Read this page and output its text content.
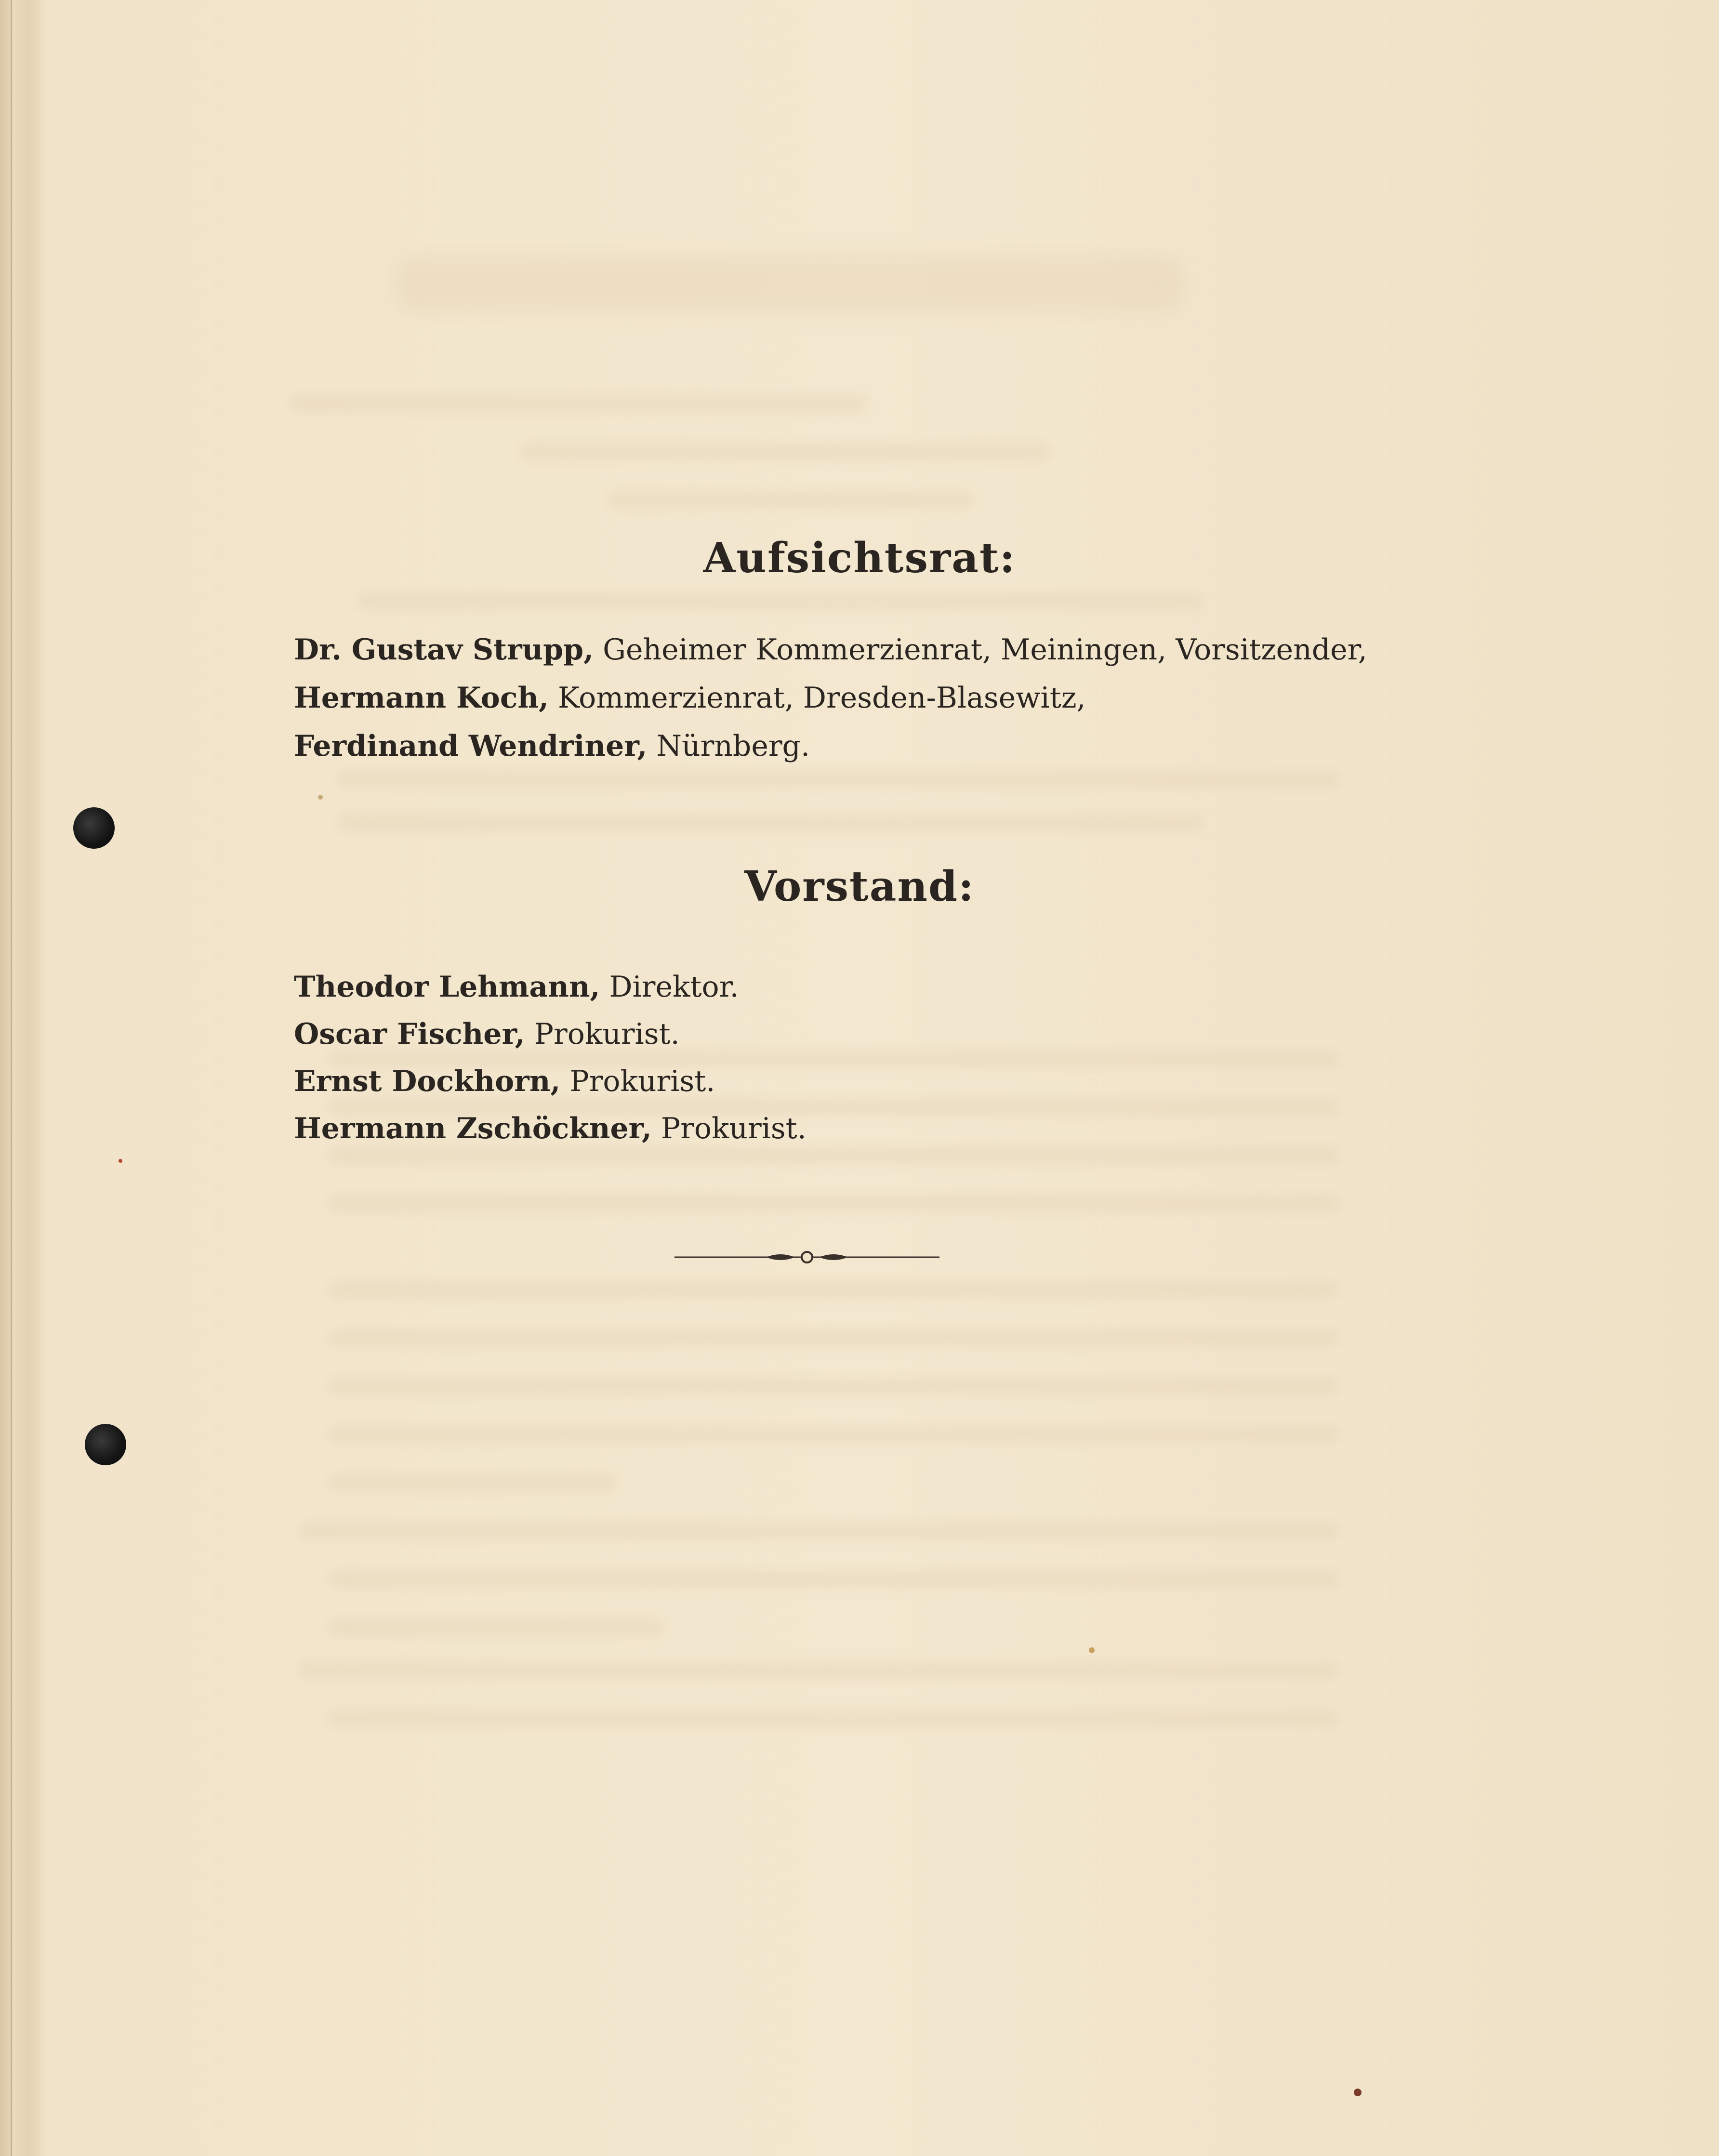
Aufsichtsrat:
Dr. Gustav Strupp, Geheimer Kommerzienrat, Meiningen, Vorsitzender,
Hermann Koch, Kommerzienrat, Dresden-Blasewitz,
Ferdinand Wendriner, Nürnberg.
Vorstand:
Theodor Lehmann, Direktor.
Oscar Fischer, Prokurist.
Ernst Dockhorn, Prokurist.
Hermann Zschöckner, Prokurist.
